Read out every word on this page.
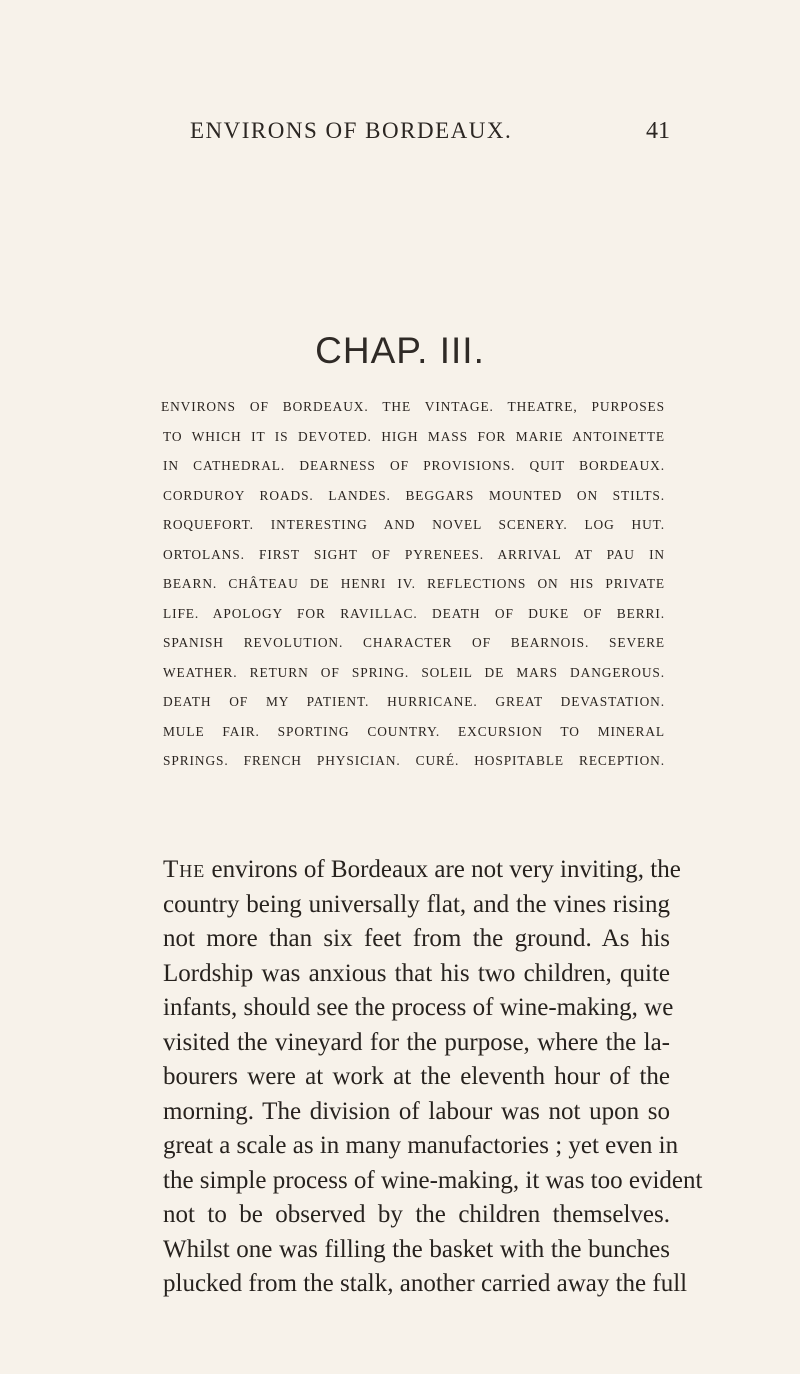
ENVIRONS OF BORDEAUX.	41
CHAP. III.
ENVIRONS OF BORDEAUX. THE VINTAGE. THEATRE, PURPOSES
TO WHICH IT IS DEVOTED. HIGH MASS FOR MARIE ANTOINETTE
IN CATHEDRAL. DEARNESS OF PROVISIONS. QUIT BORDEAUX.
CORDUROY ROADS. LANDES. BEGGARS MOUNTED ON STILTS.
ROQUEFORT. INTERESTING AND NOVEL SCENERY. LOG HUT.
ORTOLANS. FIRST SIGHT OF PYRENEES. ARRIVAL AT PAU IN
BEARN. CHÂTEAU DE HENRI IV. REFLECTIONS ON HIS PRIVATE
LIFE. APOLOGY FOR RAVILLAC. DEATH OF DUKE OF BERRI.
SPANISH REVOLUTION. CHARACTER OF BEARNOIS. SEVERE
WEATHER. RETURN OF SPRING. SOLEIL DE MARS DANGEROUS.
DEATH OF MY PATIENT. HURRICANE. GREAT DEVASTATION.
MULE FAIR. SPORTING COUNTRY. EXCURSION TO MINERAL
SPRINGS. FRENCH PHYSICIAN. CURÉ. HOSPITABLE RECEPTION.
The environs of Bordeaux are not very inviting, the
country being universally flat, and the vines rising
not more than six feet from the ground. As his
Lordship was anxious that his two children, quite
infants, should see the process of wine-making, we
visited the vineyard for the purpose, where the la-
bourers were at work at the eleventh hour of the
morning. The division of labour was not upon so
great a scale as in many manufactories ; yet even in
the simple process of wine-making, it was too evident
not to be observed by the children themselves.
Whilst one was filling the basket with the bunches
plucked from the stalk, another carried away the full
